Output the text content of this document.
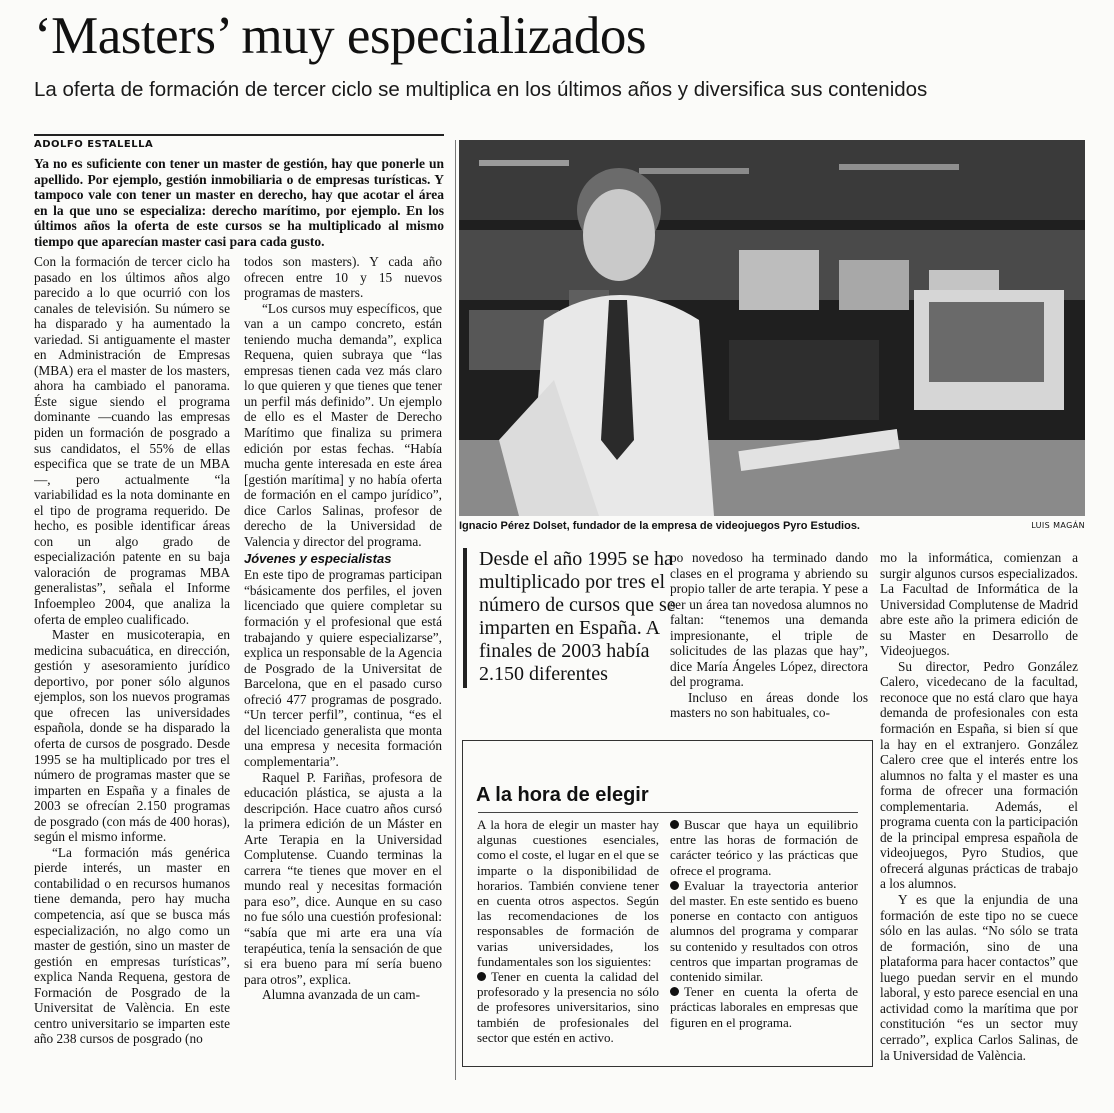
‘Masters’ muy especializados
La oferta de formación de tercer ciclo se multiplica en los últimos años y diversifica sus contenidos
ADOLFO ESTALELLA
Ya no es suficiente con tener un master de gestión, hay que ponerle un apellido. Por ejemplo, gestión inmobiliaria o de empresas turísticas. Y tampoco vale con tener un master en derecho, hay que acotar el área en la que uno se especializa: derecho marítimo, por ejemplo. En los últimos años la oferta de este cursos se ha multiplicado al mismo tiempo que aparecían master casi para cada gusto.

Con la formación de tercer ciclo ha pasado en los últimos años algo parecido a lo que ocurrió con los canales de televisión. Su número se ha disparado y ha aumentado la variedad. Si antiguamente el master en Administración de Empresas (MBA) era el master de los masters, ahora ha cambiado el panorama. Éste sigue siendo el programa dominante —cuando las empresas piden un formación de posgrado a sus candidatos, el 55% de ellas especifica que se trate de un MBA—, pero actualmente “la variabilidad es la nota dominante en el tipo de programa requerido. De hecho, es posible identificar áreas con un algo grado de especialización patente en su baja valoración de programas MBA generalistas”, señala el Informe Infoempleo 2004, que analiza la oferta de empleo cualificado.

Master en musicoterapia, en medicina subacuática, en dirección, gestión y asesoramiento jurídico deportivo, por poner sólo algunos ejemplos, son los nuevos programas que ofrecen las universidades española, donde se ha disparado la oferta de cursos de posgrado. Desde 1995 se ha multiplicado por tres el número de programas master que se imparten en España y a finales de 2003 se ofrecían 2.150 programas de posgrado (con más de 400 horas), según el mismo informe.

“La formación más genérica pierde interés, un master en contabilidad o en recursos humanos tiene demanda, pero hay mucha competencia, así que se busca más especialización, no algo como un master de gestión, sino un master de gestión en empresas turísticas”, explica Nanda Requena, gestora de Formación de Posgrado de la Universitat de València. En este centro universitario se imparten este año 238 cursos de posgrado (no

todos son masters). Y cada año ofrecen entre 10 y 15 nuevos programas de masters.

“Los cursos muy específicos, que van a un campo concreto, están teniendo mucha demanda”, explica Requena, quien subraya que “las empresas tienen cada vez más claro lo que quieren y que tienes que tener un perfil más definido”. Un ejemplo de ello es el Master de Derecho Marítimo que finaliza su primera edición por estas fechas. “Había mucha gente interesada en este área [gestión marítima] y no había oferta de formación en el campo jurídico”, dice Carlos Salinas, profesor de derecho de la Universidad de Valencia y director del programa.

Jóvenes y especialistas

En este tipo de programas participan “básicamente dos perfiles, el joven licenciado que quiere completar su formación y el profesional que está trabajando y quiere especializarse”, explica un responsable de la Agencia de Posgrado de la Universitat de Barcelona, que en el pasado curso ofreció 477 programas de posgrado. “Un tercer perfil”, continua, “es el del licenciado generalista que monta una empresa y necesita formación complementaria”.

Raquel P. Fariñas, profesora de educación plástica, se ajusta a la descripción. Hace cuatro años cursó la primera edición de un Máster en Arte Terapia en la Universidad Complutense. Cuando terminas la carrera “te tienes que mover en el mundo real y necesitas formación para eso”, dice. Aunque en su caso no fue sólo una cuestión profesional: “sabía que mi arte era una vía terapéutica, tenía la sensación de que si era bueno para mí sería bueno para otros”, explica.

Alumna avanzada de un cam-

Ignacio Pérez Dolset, fundador de la empresa de videojuegos Pyro Estudios.	LUIS MAGÁN
Desde el año 1995 se ha multiplicado por tres el número de cursos que se imparten en España. A finales de 2003 había 2.150 diferentes

po novedoso ha terminado dando clases en el programa y abriendo su propio taller de arte terapia. Y pese a ser un área tan novedosa alumnos no faltan: “tenemos una demanda impresionante, el triple de solicitudes de las plazas que hay”, dice María Ángeles López, directora del programa.

Incluso en áreas donde los masters no son habituales, co-

mo la informática, comienzan a surgir algunos cursos especializados. La Facultad de Informática de la Universidad Complutense de Madrid abre este año la primera edición de su Master en Desarrollo de Videojuegos.

Su director, Pedro González Calero, vicedecano de la facultad, reconoce que no está claro que haya demanda de profesionales con esta formación en España, si bien sí que la hay en el extranjero. González Calero cree que el interés entre los alumnos no falta y el master es una forma de ofrecer una formación complementaria. Además, el programa cuenta con la participación de la principal empresa española de videojuegos, Pyro Studios, que ofrecerá algunas prácticas de trabajo a los alumnos.

Y es que la enjundia de una formación de este tipo no se cuece sólo en las aulas. “No sólo se trata de formación, sino de una plataforma para hacer contactos” que luego puedan servir en el mundo laboral, y esto parece esencial en una actividad como la marítima que por constitución “es un sector muy cerrado”, explica Carlos Salinas, de la Universidad de València.

A la hora de elegir

A la hora de elegir un master hay algunas cuestiones esenciales, como el coste, el lugar en el que se imparte o la disponibilidad de horarios. También conviene tener en cuenta otros aspectos. Según las recomendaciones de los responsables de formación de varias universidades, los fundamentales son los siguientes:

Tener en cuenta la calidad del profesorado y la presencia no sólo de profesores universitarios, sino también de profesionales del sector que estén en activo.

Buscar que haya un equilibrio entre las horas de formación de carácter teórico y las prácticas que ofrece el programa.

Evaluar la trayectoria anterior del master. En este sentido es bueno ponerse en contacto con antiguos alumnos del programa y comparar su contenido y resultados con otros centros que impartan programas de contenido similar.

Tener en cuenta la oferta de prácticas laborales en empresas que figuren en el programa.
